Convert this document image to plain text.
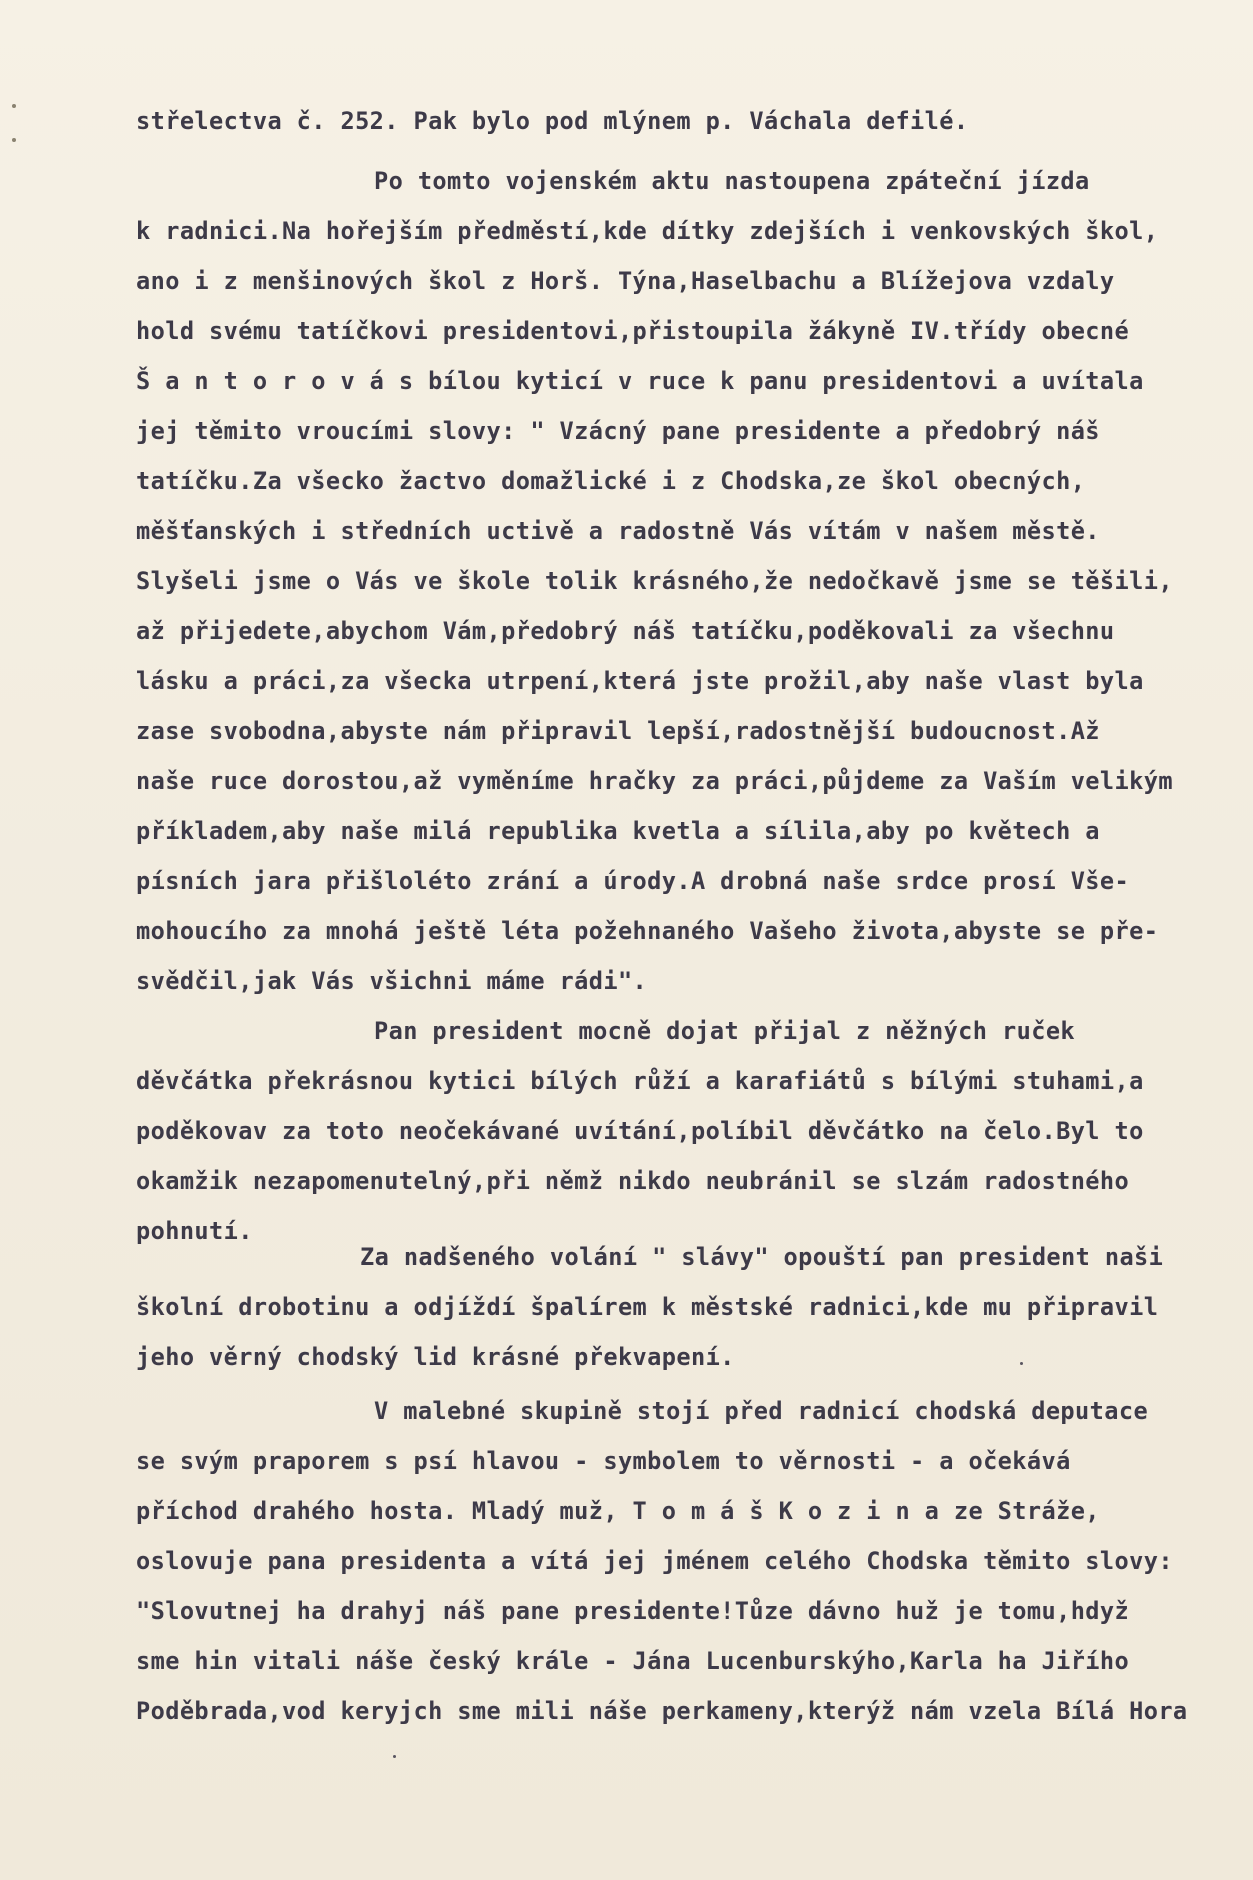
střelectva č. 252. Pak bylo pod mlýnem p. Váchala defilé.
Po tomto vojenském aktu nastoupena zpáteční jízda
k radnici.Na hořejším předměstí,kde dítky zdejších i venkovských škol,
ano i z menšinových škol z Horš. Týna,Haselbachu a Blížejova vzdaly
hold svému tatíčkovi presidentovi,přistoupila žákyně IV.třídy obecné
Š a n t o r o v á s bílou kyticí v ruce k panu presidentovi a uvítala
jej těmito vroucími slovy: " Vzácný pane presidente a předobrý náš
tatíčku.Za všecko žactvo domažlické i z Chodska,ze škol obecných,
měšťanských i středních uctivě a radostně Vás vítám v našem městě.
Slyšeli jsme o Vás ve škole tolik krásného,že nedočkavě jsme se těšili,
až přijedete,abychom Vám,předobrý náš tatíčku,poděkovali za všechnu
lásku a práci,za všecka utrpení,která jste prožil,aby naše vlast byla
zase svobodna,abyste nám připravil lepší,radostnější budoucnost.Až
naše ruce dorostou,až vyměníme hračky za práci,půjdeme za Vaším velikým
příkladem,aby naše milá republika kvetla a sílila,aby po květech a
písních jara přišloléto zrání a úrody.A drobná naše srdce prosí Vše-
mohoucího za mnohá ještě léta požehnaného Vašeho života,abyste se pře-
svědčil,jak Vás všichni máme rádi".
Pan president mocně dojat přijal z něžných ruček
děvčátka překrásnou kytici bílých růží a karafiátů s bílými stuhami,a
poděkovav za toto neočekávané uvítání,políbil děvčátko na čelo.Byl to
okamžik nezapomenutelný,při němž nikdo neubránil se slzám radostného
pohnutí.
Za nadšeného volání " slávy" opouští pan president naši
školní drobotinu a odjíždí špalírem k městské radnici,kde mu připravil
jeho věrný chodský lid krásné překvapení.
V malebné skupině stojí před radnicí chodská deputace
se svým praporem s psí hlavou - symbolem to věrnosti - a očekává
příchod drahého hosta. Mladý muž, T o m á š K o z i n a ze Stráže,
oslovuje pana presidenta a vítá jej jménem celého Chodska těmito slovy:
"Slovutnej ha drahyj náš pane presidente!Tůze dávno huž je tomu,hdyž
sme hin vitali náše český krále - Jána Lucenburskýho,Karla ha Jiřího
Poděbrada,vod keryjch sme mili náše perkameny,kterýž nám vzela Bílá Hora
